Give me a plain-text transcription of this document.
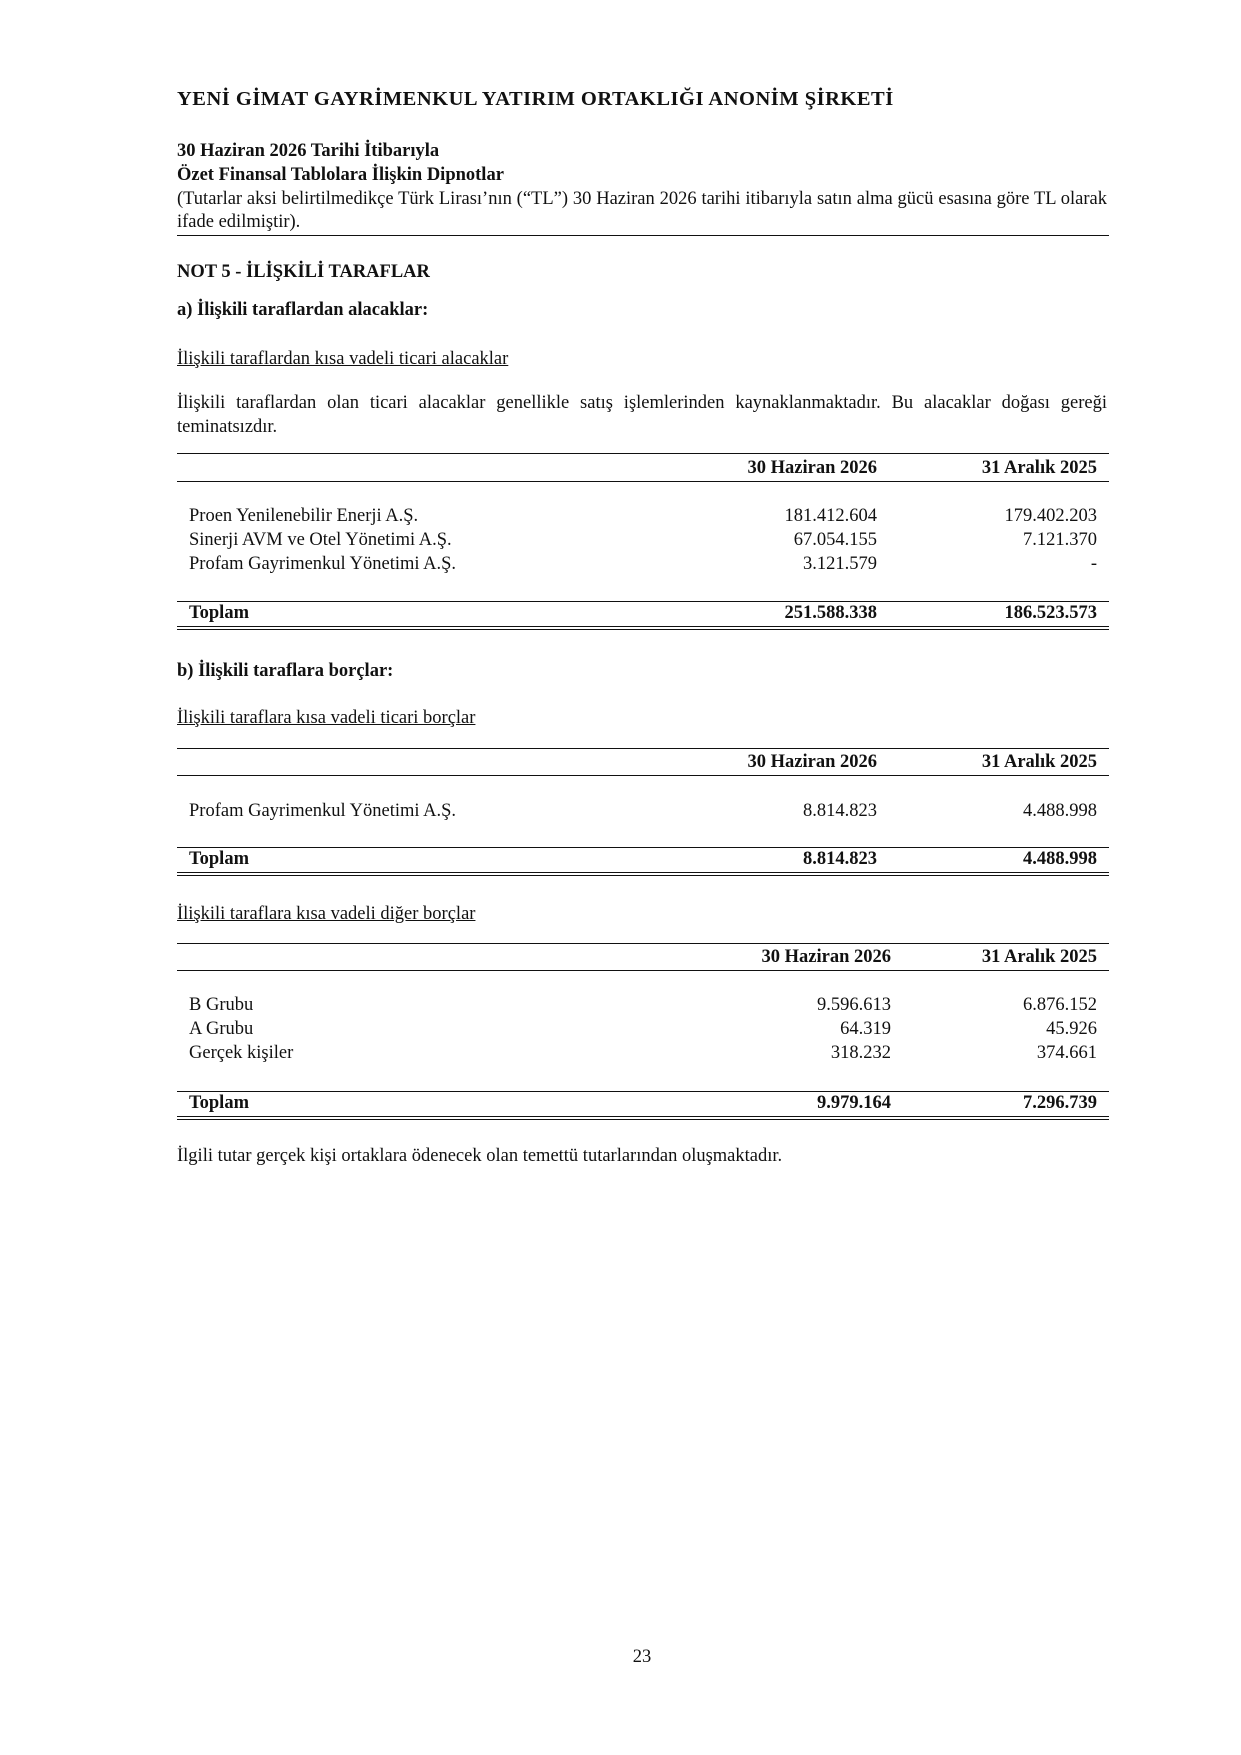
YENİ GİMAT GAYRİMENKUL YATIRIM ORTAKLIĞI ANONİM ŞİRKETİ
30 Haziran 2026 Tarihi İtibarıyla
Özet Finansal Tablolara İlişkin Dipnotlar
(Tutarlar aksi belirtilmedikçe Türk Lirası’nın (“TL”) 30 Haziran 2026 tarihi itibarıyla satın alma gücü esasına göre TL olarak ifade edilmiştir).
NOT 5 - İLİŞKİLİ TARAFLAR
a) İlişkili taraflardan alacaklar:
İlişkili taraflardan kısa vadeli ticari alacaklar
İlişkili taraflardan olan ticari alacaklar genellikle satış işlemlerinden kaynaklanmaktadır. Bu alacaklar doğası gereği teminatsızdır.
30 Haziran 2026	31 Aralık 2025
Proen Yenilenebilir Enerji A.Ş.	181.412.604	179.402.203
Sinerji AVM ve Otel Yönetimi A.Ş.	67.054.155	7.121.370
Profam Gayrimenkul Yönetimi A.Ş.	3.121.579	-
Toplam	251.588.338	186.523.573
b) İlişkili taraflara borçlar:
İlişkili taraflara kısa vadeli ticari borçlar
30 Haziran 2026	31 Aralık 2025
Profam Gayrimenkul Yönetimi A.Ş.	8.814.823	4.488.998
Toplam	8.814.823	4.488.998
İlişkili taraflara kısa vadeli diğer borçlar
30 Haziran 2026	31 Aralık 2025
B Grubu	9.596.613	6.876.152
A Grubu	64.319	45.926
Gerçek kişiler	318.232	374.661
Toplam	9.979.164	7.296.739
İlgili tutar gerçek kişi ortaklara ödenecek olan temettü tutarlarından oluşmaktadır.
23
